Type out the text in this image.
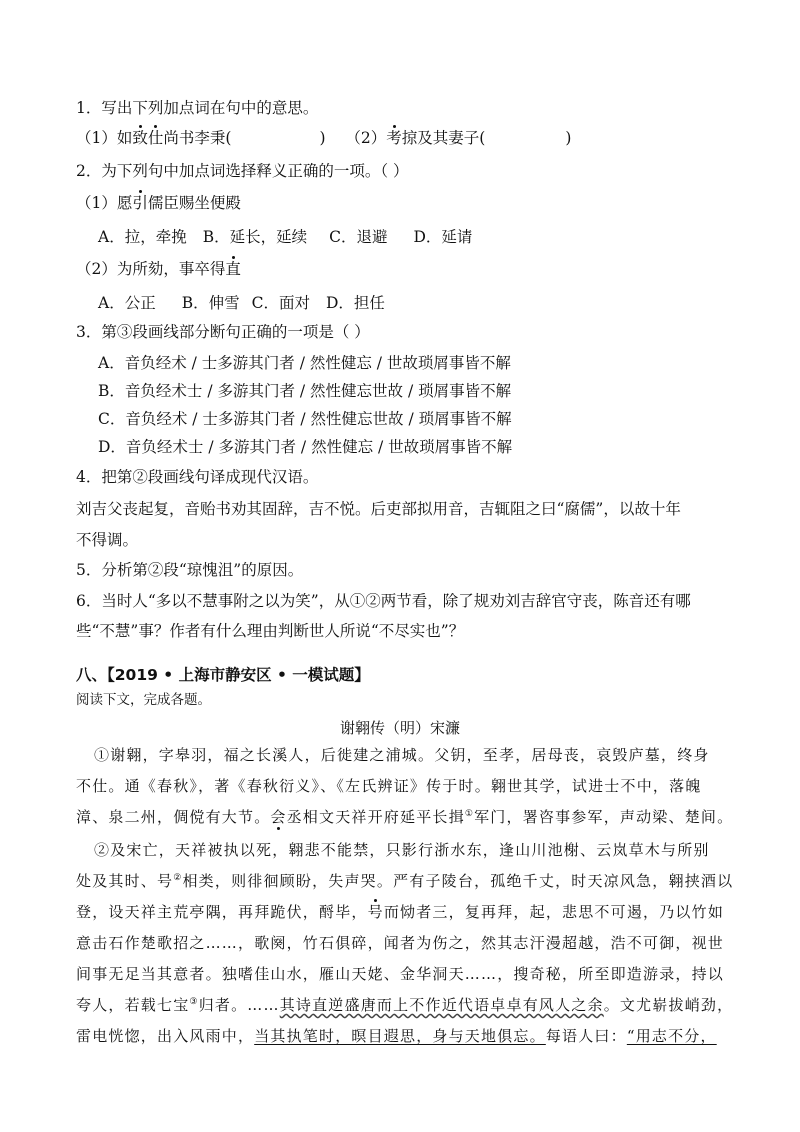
1．写出下列加点词在句中的意思。
（1）如致仕尚书李秉(	) （2）考掠及其妻子(	)
2．为下列句中加点词选择释义正确的一项。（ ）
（1）愿引儒臣赐坐便殿
A．拉，牵挽 B．延长，延续 C．退避 D．延请
（2）为所劾，事卒得直
A．公正 B．伸雪 C．面对 D．担任
3．第③段画线部分断句正确的一项是（ ）
A．音负经术 / 士多游其门者 / 然性健忘 / 世故琐屑事皆不解
B．音负经术士 / 多游其门者 / 然性健忘世故 / 琐屑事皆不解
C．音负经术 / 士多游其门者 / 然性健忘世故 / 琐屑事皆不解
D．音负经术士 / 多游其门者 / 然性健忘 / 世故琐屑事皆不解
4．把第②段画线句译成现代汉语。
刘吉父丧起复，音贻书劝其固辞，吉不悦。后吏部拟用音，吉辄阻之曰“腐儒”，以故十年
不得调。
5．分析第②段“琼愧沮”的原因。
6．当时人“多以不慧事附之以为笑”，从①②两节看，除了规劝刘吉辞官守丧，陈音还有哪
些“不慧”事？作者有什么理由判断世人所说“不尽实也”？
八、【2019 • 上海市静安区 • 一模试题】
阅读下文，完成各题。
谢翱传（明）宋濂
①谢翱，字皋羽，福之长溪人，后徙建之浦城。父钥，至孝，居母丧，哀毁庐墓，终身
不仕。通《春秋》，著《春秋衍义》、《左氏辨证》传于时。翱世其学，试进士不中，落魄
漳、泉二州，倜傥有大节。会丞相文天祥开府延平长揖①军门，署咨事参军，声动梁、楚间。
②及宋亡，天祥被执以死，翱悲不能禁，只影行浙水东，逢山川池榭、云岚草木与所别
处及其时、号②相类，则徘徊顾盼，失声哭。严有子陵台，孤绝千丈，时天凉风急，翱挟酒以
登，设天祥主荒亭隅，再拜跪伏，酹毕，号而恸者三，复再拜，起，悲思不可遏，乃以竹如
意击石作楚歌招之……，歌阕，竹石俱碎，闻者为伤之，然其志汗漫超越，浩不可御，视世
间事无足当其意者。独嗜佳山水，雁山天姥、金华洞天……，搜奇秘，所至即造游录，持以
夸人，若载七宝③归者。……其诗直逆盛唐而上不作近代语卓卓有风人之余。文尤崭拔峭劲，
雷电恍惚，出入风雨中，当其执笔时，暝目遐思，身与天地俱忘。每语人曰：“用志不分，
